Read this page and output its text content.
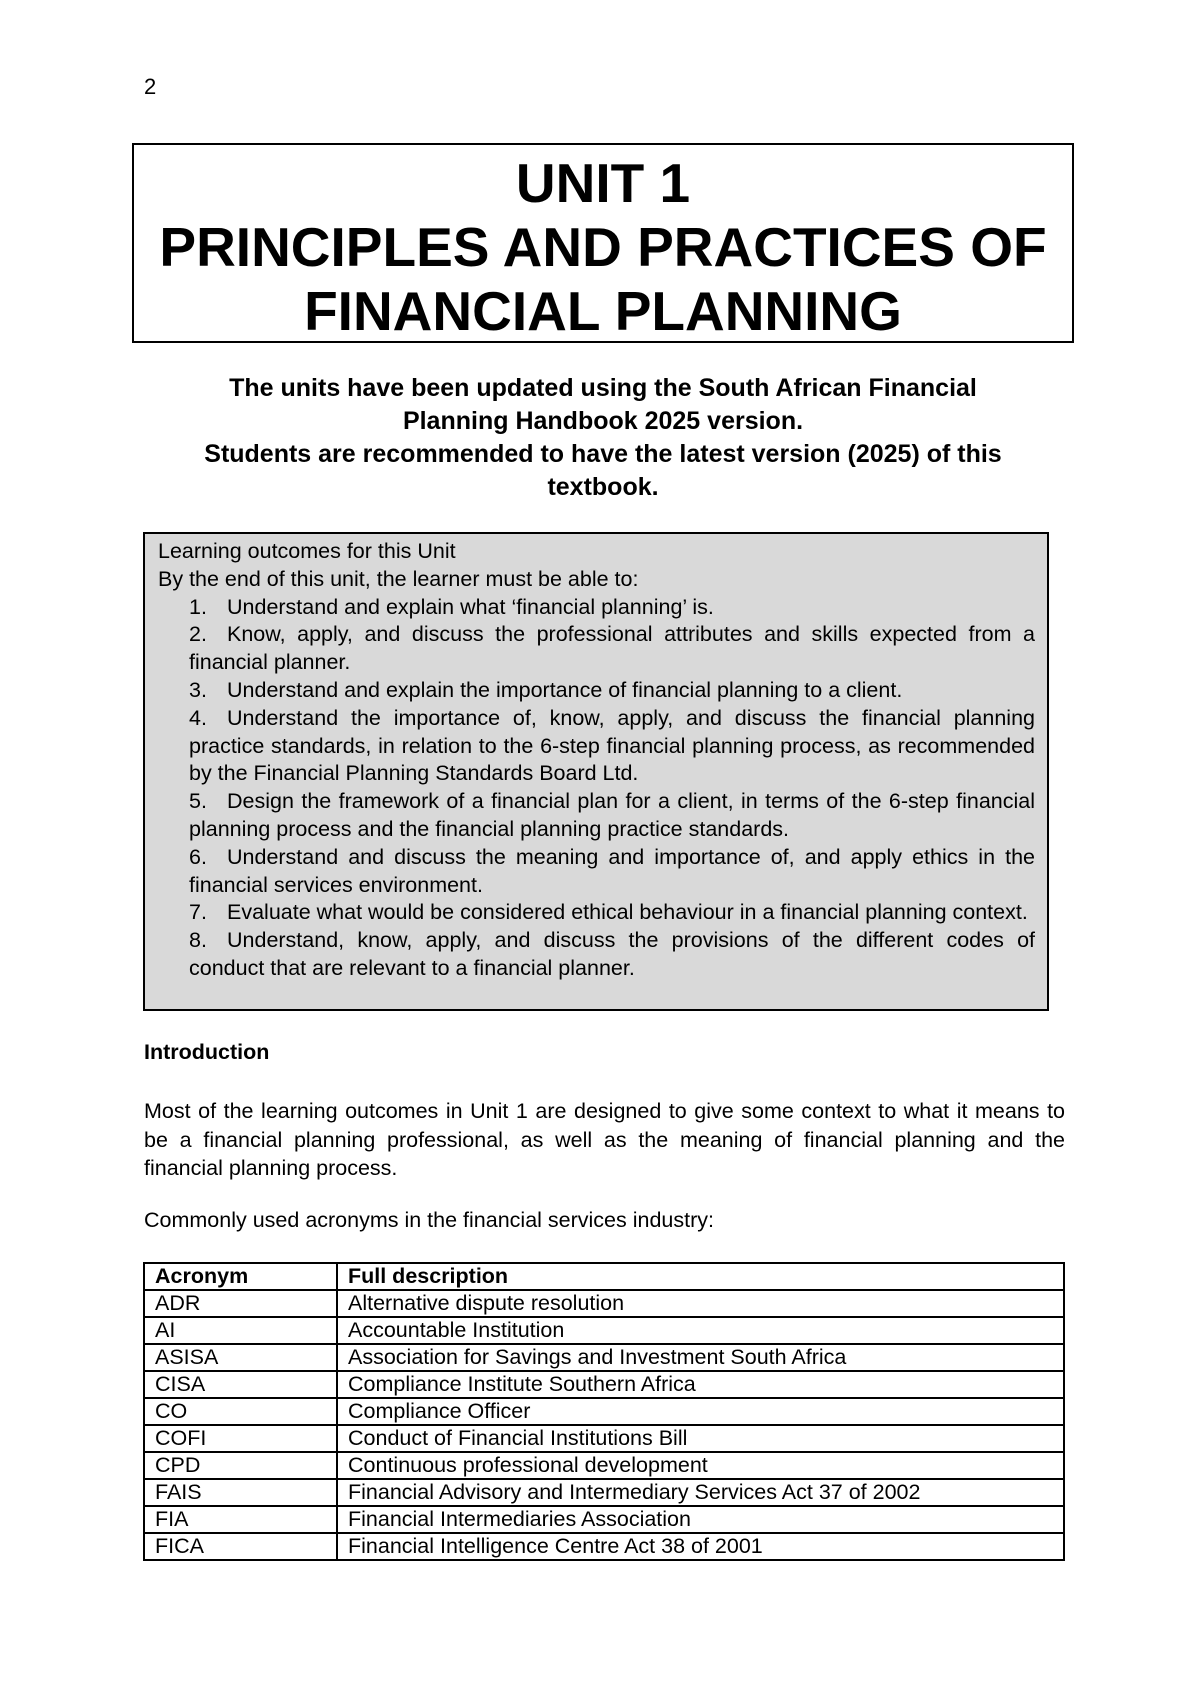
2
UNIT 1
PRINCIPLES AND PRACTICES OF
FINANCIAL PLANNING
The units have been updated using the South African Financial
Planning Handbook 2025 version.
Students are recommended to have the latest version (2025) of this
textbook.
Learning outcomes for this Unit
By the end of this unit, the learner must be able to:
1. Understand and explain what ‘financial planning’ is.
2. Know, apply, and discuss the professional attributes and skills expected from a financial planner.
3. Understand and explain the importance of financial planning to a client.
4. Understand the importance of, know, apply, and discuss the financial planning practice standards, in relation to the 6-step financial planning process, as recommended by the Financial Planning Standards Board Ltd.
5. Design the framework of a financial plan for a client, in terms of the 6-step financial planning process and the financial planning practice standards.
6. Understand and discuss the meaning and importance of, and apply ethics in the financial services environment.
7. Evaluate what would be considered ethical behaviour in a financial planning context.
8. Understand, know, apply, and discuss the provisions of the different codes of conduct that are relevant to a financial planner.
Introduction
Most of the learning outcomes in Unit 1 are designed to give some context to what it means to be a financial planning professional, as well as the meaning of financial planning and the financial planning process.
Commonly used acronyms in the financial services industry:
Acronym	Full description
ADR	Alternative dispute resolution
AI	Accountable Institution
ASISA	Association for Savings and Investment South Africa
CISA	Compliance Institute Southern Africa
CO	Compliance Officer
COFI	Conduct of Financial Institutions Bill
CPD	Continuous professional development
FAIS	Financial Advisory and Intermediary Services Act 37 of 2002
FIA	Financial Intermediaries Association
FICA	Financial Intelligence Centre Act 38 of 2001
